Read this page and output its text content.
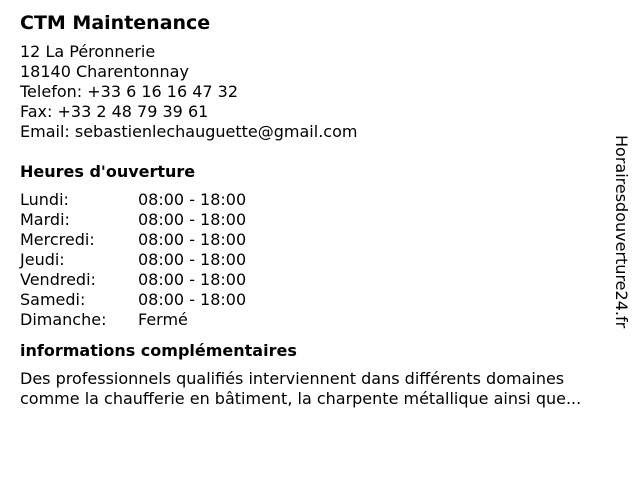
CTM Maintenance
12 La Péronnerie
18140 Charentonnay
Telefon: +33 6 16 16 47 32
Fax: +33 2 48 79 39 61
Email: sebastienlechauguette@gmail.com
Heures d'ouverture
Lundi:	08:00 - 18:00
Mardi:	08:00 - 18:00
Mercredi:	08:00 - 18:00
Jeudi:	08:00 - 18:00
Vendredi:	08:00 - 18:00
Samedi:	08:00 - 18:00
Dimanche:	Fermé
informations complémentaires
Des professionnels qualifiés interviennent dans différents domaines
comme la chaufferie en bâtiment, la charpente métallique ainsi que...
Horairesdouverture24.fr
